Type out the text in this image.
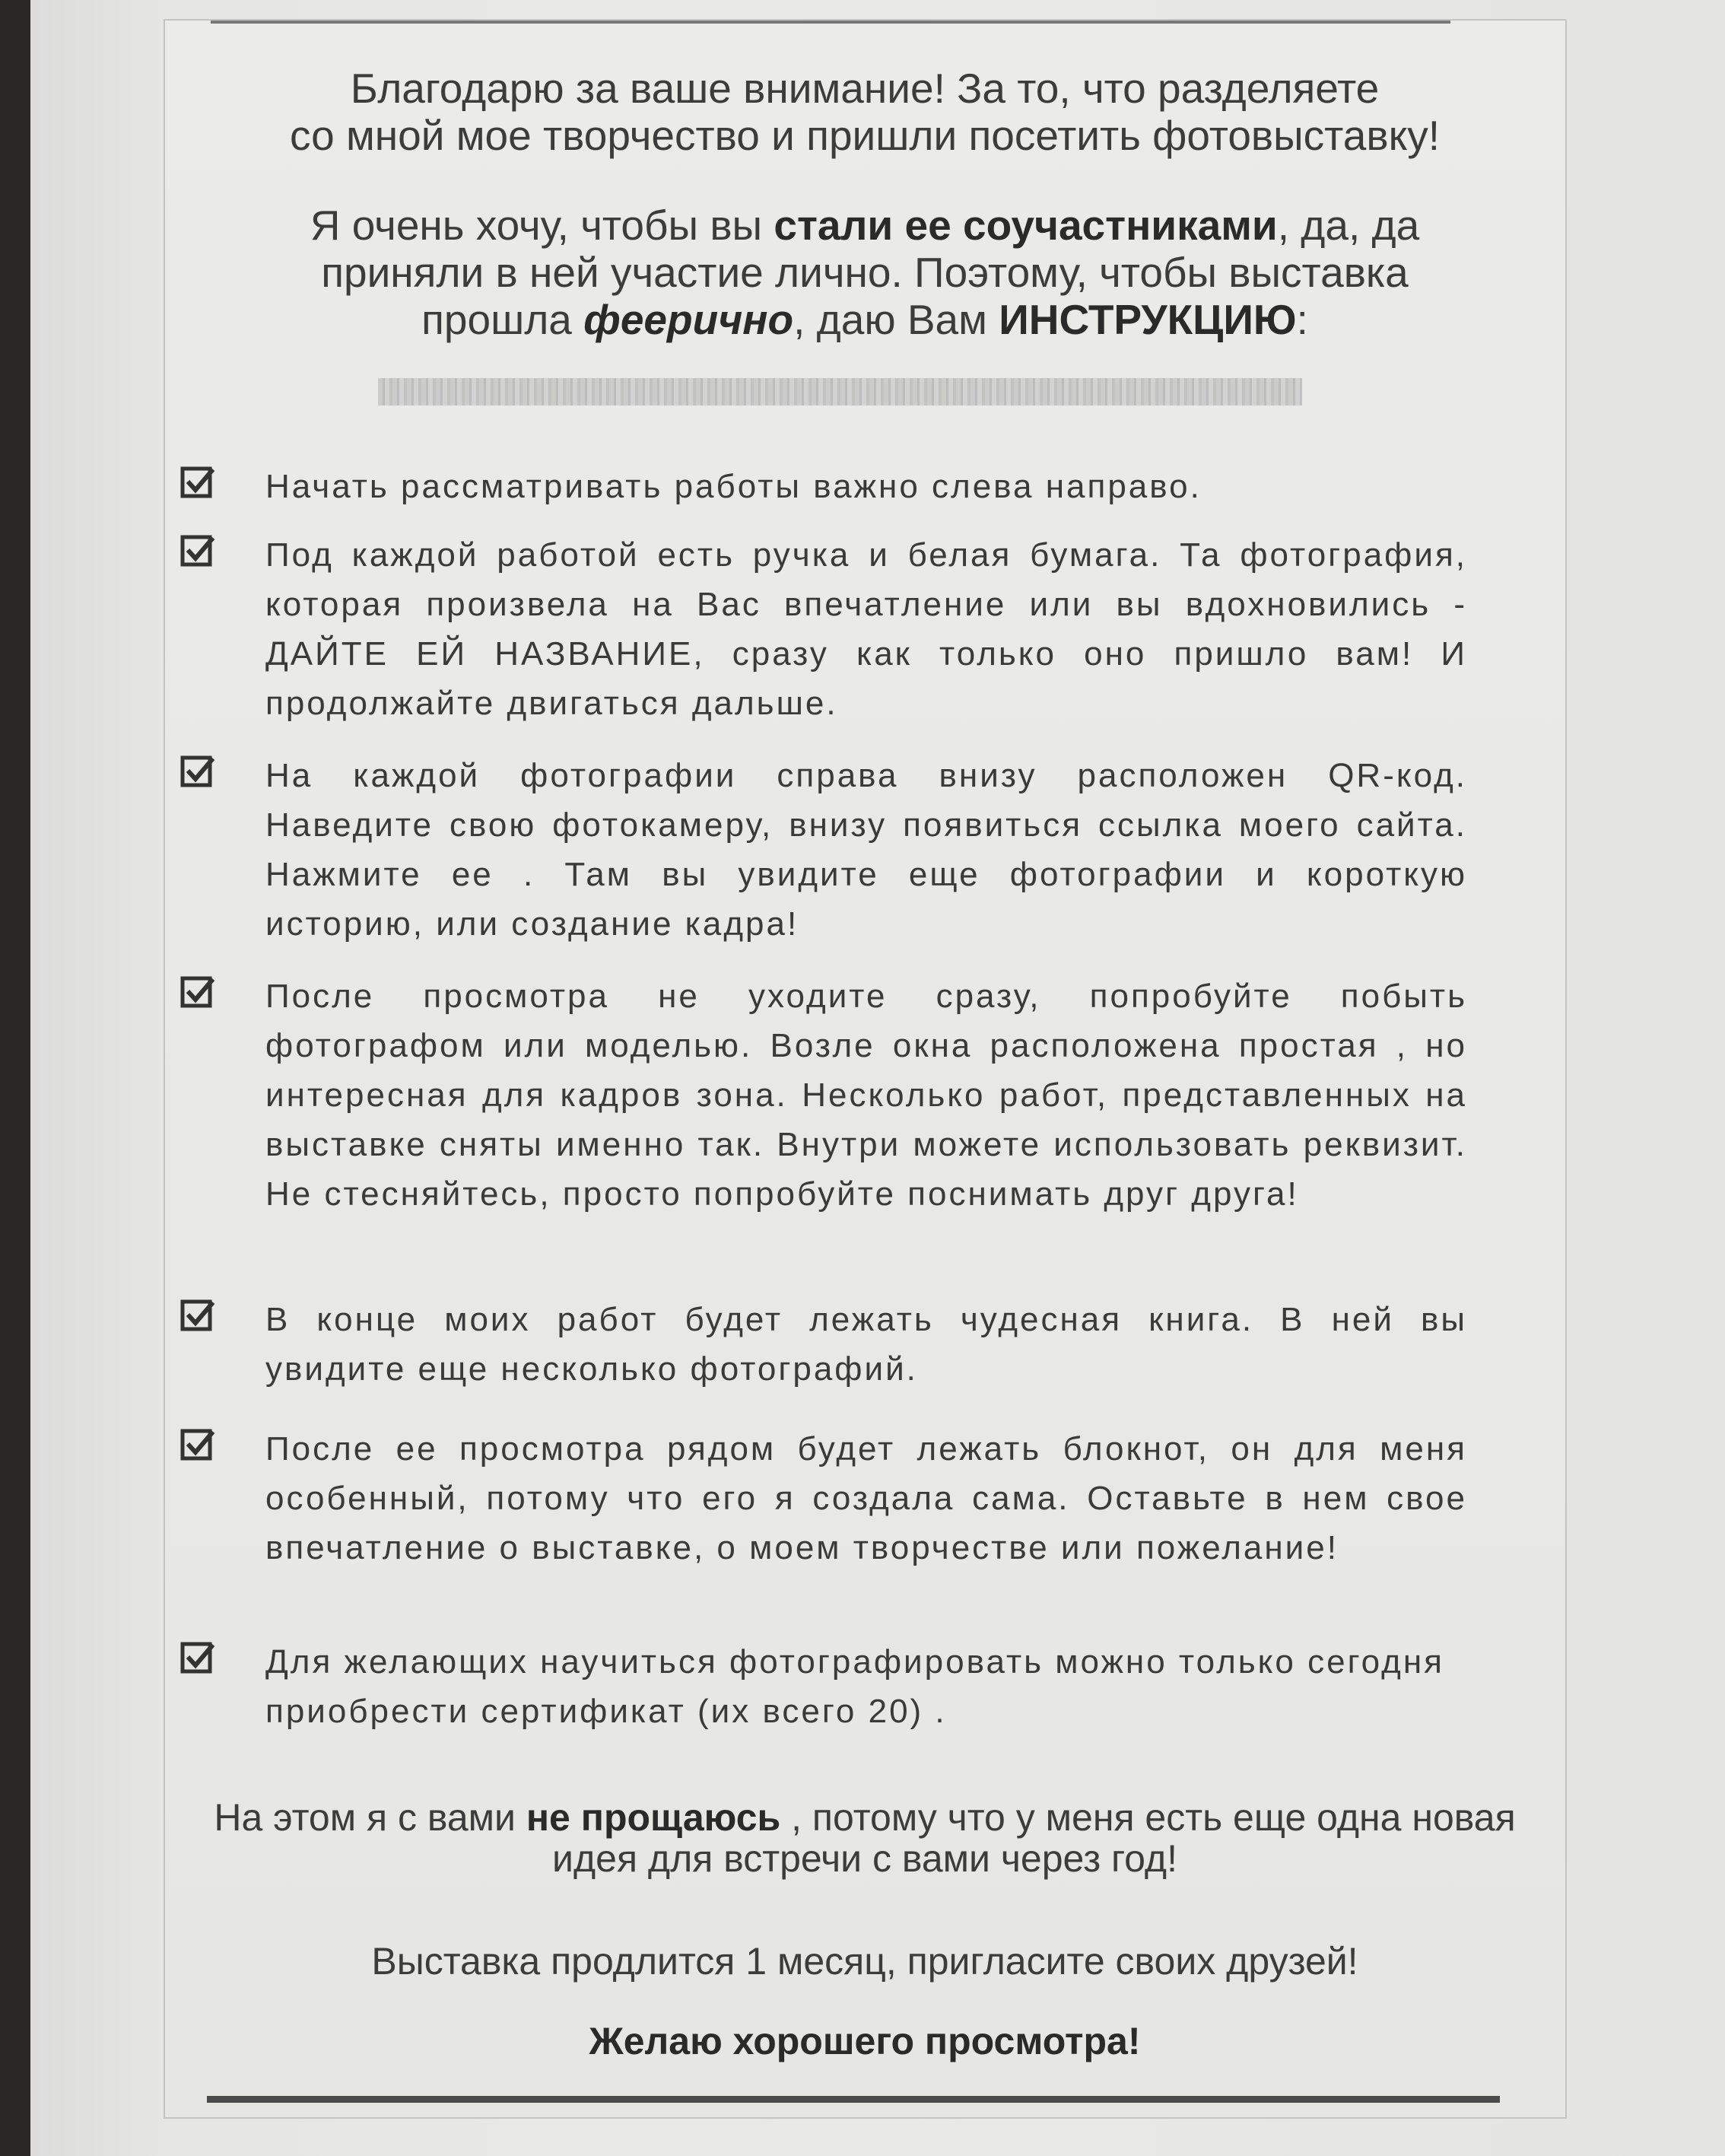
Благодарю за ваше внимание! За то, что разделяете
со мной мое творчество и пришли посетить фотовыставку!
Я очень хочу, чтобы вы стали ее соучастниками, да, да приняли в ней участие лично. Поэтому, чтобы выставка прошла феерично, даю Вам ИНСТРУКЦИЮ:
Начать рассматривать работы важно слева направо.
Под каждой работой есть ручка и белая бумага. Та фотография, которая произвела на Вас впечатление или вы вдохновились - ДАЙТЕ ЕЙ НАЗВАНИЕ, сразу как только оно пришло вам! И продолжайте двигаться дальше.
На каждой фотографии справа внизу расположен QR-код. Наведите свою фотокамеру, внизу появиться ссылка моего сайта. Нажмите ее . Там вы увидите еще фотографии и короткую историю, или создание кадра!
После просмотра не уходите сразу, попробуйте побыть фотографом или моделью. Возле окна расположена простая , но интересная для кадров зона. Несколько работ, представленных на выставке сняты именно так. Внутри можете использовать реквизит. Не стесняйтесь, просто попробуйте поснимать друг друга!
В конце моих работ будет лежать чудесная книга. В ней вы увидите еще несколько фотографий.
После ее просмотра рядом будет лежать блокнот, он для меня особенный, потому что его я создала сама. Оставьте в нем свое впечатление о выставке, о моем творчестве или пожелание!
Для желающих научиться фотографировать можно только сегодня приобрести сертификат (их всего 20) .
На этом я с вами не прощаюсь , потому что у меня есть еще одна новая идея для встречи с вами через год!
Выставка продлится 1 месяц, пригласите своих друзей!
Желаю хорошего просмотра!
